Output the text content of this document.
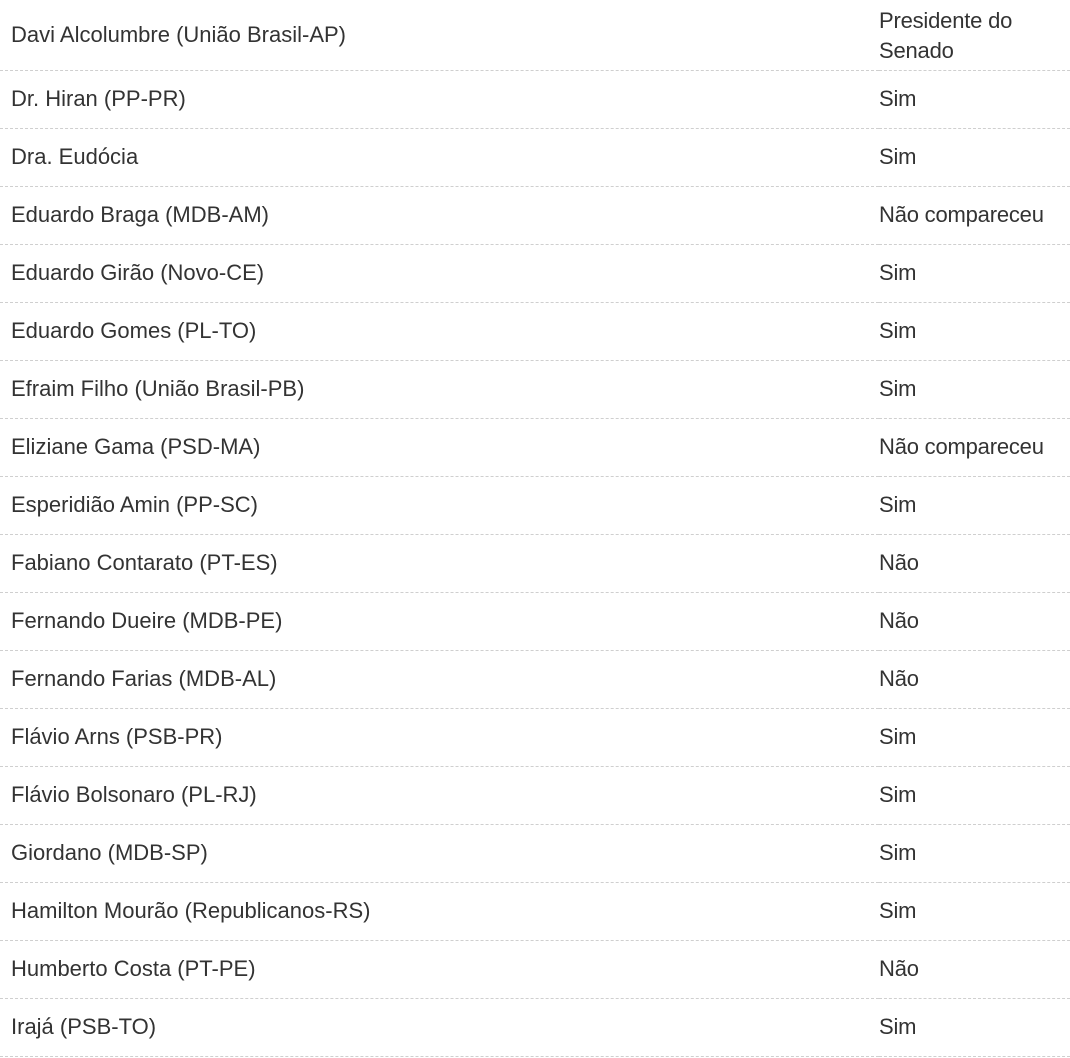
Davi Alcolumbre (União Brasil-AP)	Presidente do Senado
Dr. Hiran (PP-PR)	Sim
Dra. Eudócia	Sim
Eduardo Braga (MDB-AM)	Não compareceu
Eduardo Girão (Novo-CE)	Sim
Eduardo Gomes (PL-TO)	Sim
Efraim Filho (União Brasil-PB)	Sim
Eliziane Gama (PSD-MA)	Não compareceu
Esperidião Amin (PP-SC)	Sim
Fabiano Contarato (PT-ES)	Não
Fernando Dueire (MDB-PE)	Não
Fernando Farias (MDB-AL)	Não
Flávio Arns (PSB-PR)	Sim
Flávio Bolsonaro (PL-RJ)	Sim
Giordano (MDB-SP)	Sim
Hamilton Mourão (Republicanos-RS)	Sim
Humberto Costa (PT-PE)	Não
Irajá (PSB-TO)	Sim
